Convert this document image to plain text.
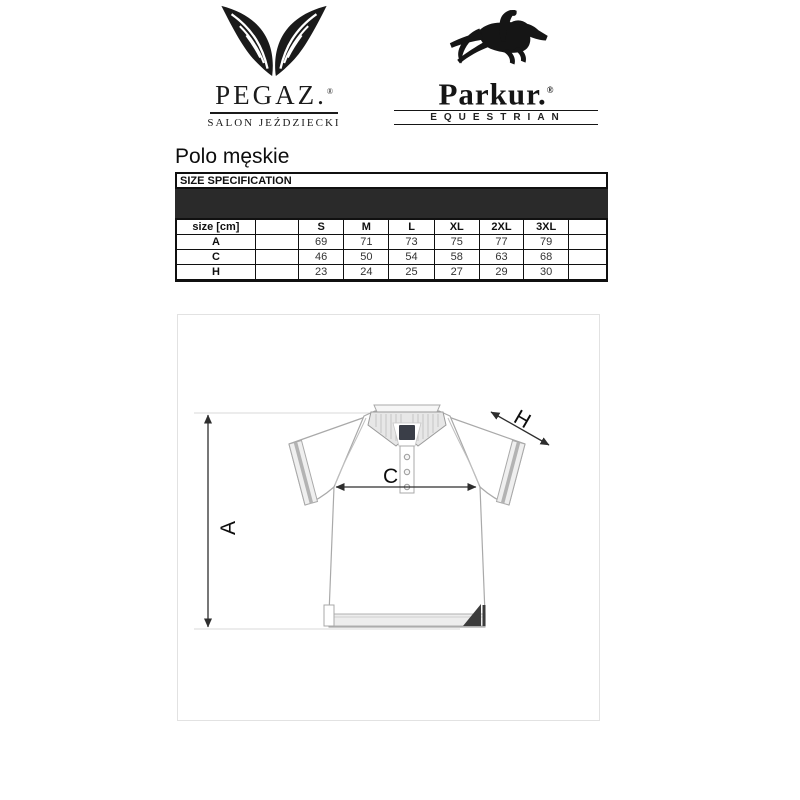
PEGAZ.®
SALON JEŹDZIECKI
Parkur.®
EQUESTRIAN
Polo męskie
SIZE SPECIFICATION
size [cm]		S	M	L	XL	2XL	3XL	
A		69	71	73	75	77	79	
C		46	50	54	58	63	68	
H		23	24	25	27	29	30	
A
C
H
